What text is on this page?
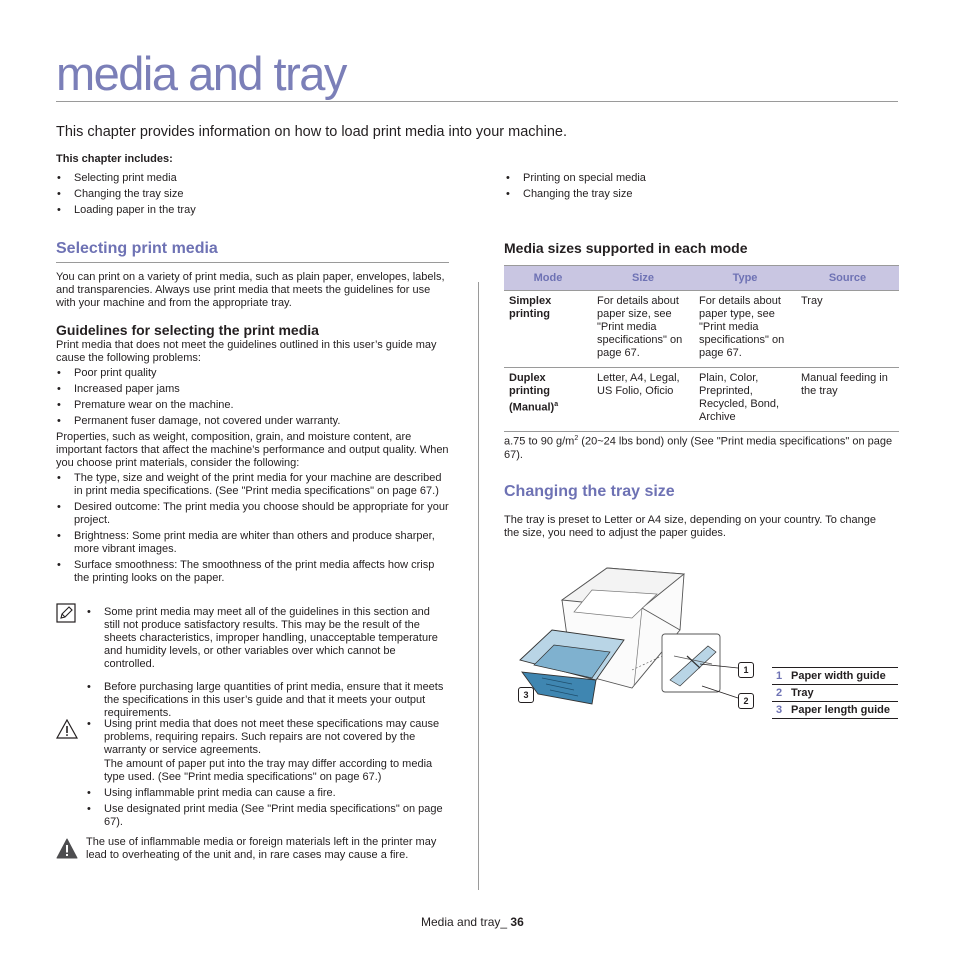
media and tray
This chapter provides information on how to load print media into your machine.
This chapter includes:
• Selecting print media
• Changing the tray size
• Loading paper in the tray
• Printing on special media
• Changing the tray size
Selecting print media

You can print on a variety of print media, such as plain paper, envelopes, labels, and transparencies. Always use print media that meets the guidelines for use with your machine and from the appropriate tray.

Guidelines for selecting the print media

Print media that does not meet the guidelines outlined in this user’s guide may cause the following problems:

• Poor print quality
• Increased paper jams
• Premature wear on the machine.
• Permanent fuser damage, not covered under warranty.

Properties, such as weight, composition, grain, and moisture content, are important factors that affect the machine’s performance and output quality. When you choose print materials, consider the following:

• The type, size and weight of the print media for your machine are described in print media specifications. (See "Print media specifications" on page 67.)
• Desired outcome: The print media you choose should be appropriate for your project.
• Brightness: Some print media are whiter than others and produce sharper, more vibrant images.
• Surface smoothness: The smoothness of the print media affects how crisp the printing looks on the paper.
• Some print media may meet all of the guidelines in this section and still not produce satisfactory results. This may be the result of the sheets characteristics, improper handling, unacceptable temperature and humidity levels, or other variables over which cannot be controlled.
• Before purchasing large quantities of print media, ensure that it meets the specifications in this user’s guide and that it meets your output requirements.
• Using print media that does not meet these specifications may cause problems, requiring repairs. Such repairs are not covered by the warranty or service agreements.
The amount of paper put into the tray may differ according to media type used. (See "Print media specifications" on page 67.)
• Using inflammable print media can cause a fire.
• Use designated print media (See "Print media specifications" on page 67).

The use of inflammable media or foreign materials left in the printer may lead to overheating of the unit and, in rare cases may cause a fire.

Media sizes supported in each mode
Mode	Size	Type	Source
Simplex printing	For details about paper size, see "Print media specifications" on page 67.	For details about paper type, see "Print media specifications" on page 67.	Tray
Duplex printing (Manual)$^a$	Letter, A4, Legal, US Folio, Oficio	Plain, Color, Preprinted, Recycled, Bond, Archive	Manual feeding in the tray
a.75 to 90 $g/m^2$ (20~24 lbs bond) only (See "Print media specifications" on page 67).
Changing the tray size

The tray is preset to Letter or A4 size, depending on your country. To change the size, you need to adjust the paper guides.

1
2
3
1	Paper width guide
2	Tray
3	Paper length guide
Media and tray_ 36
